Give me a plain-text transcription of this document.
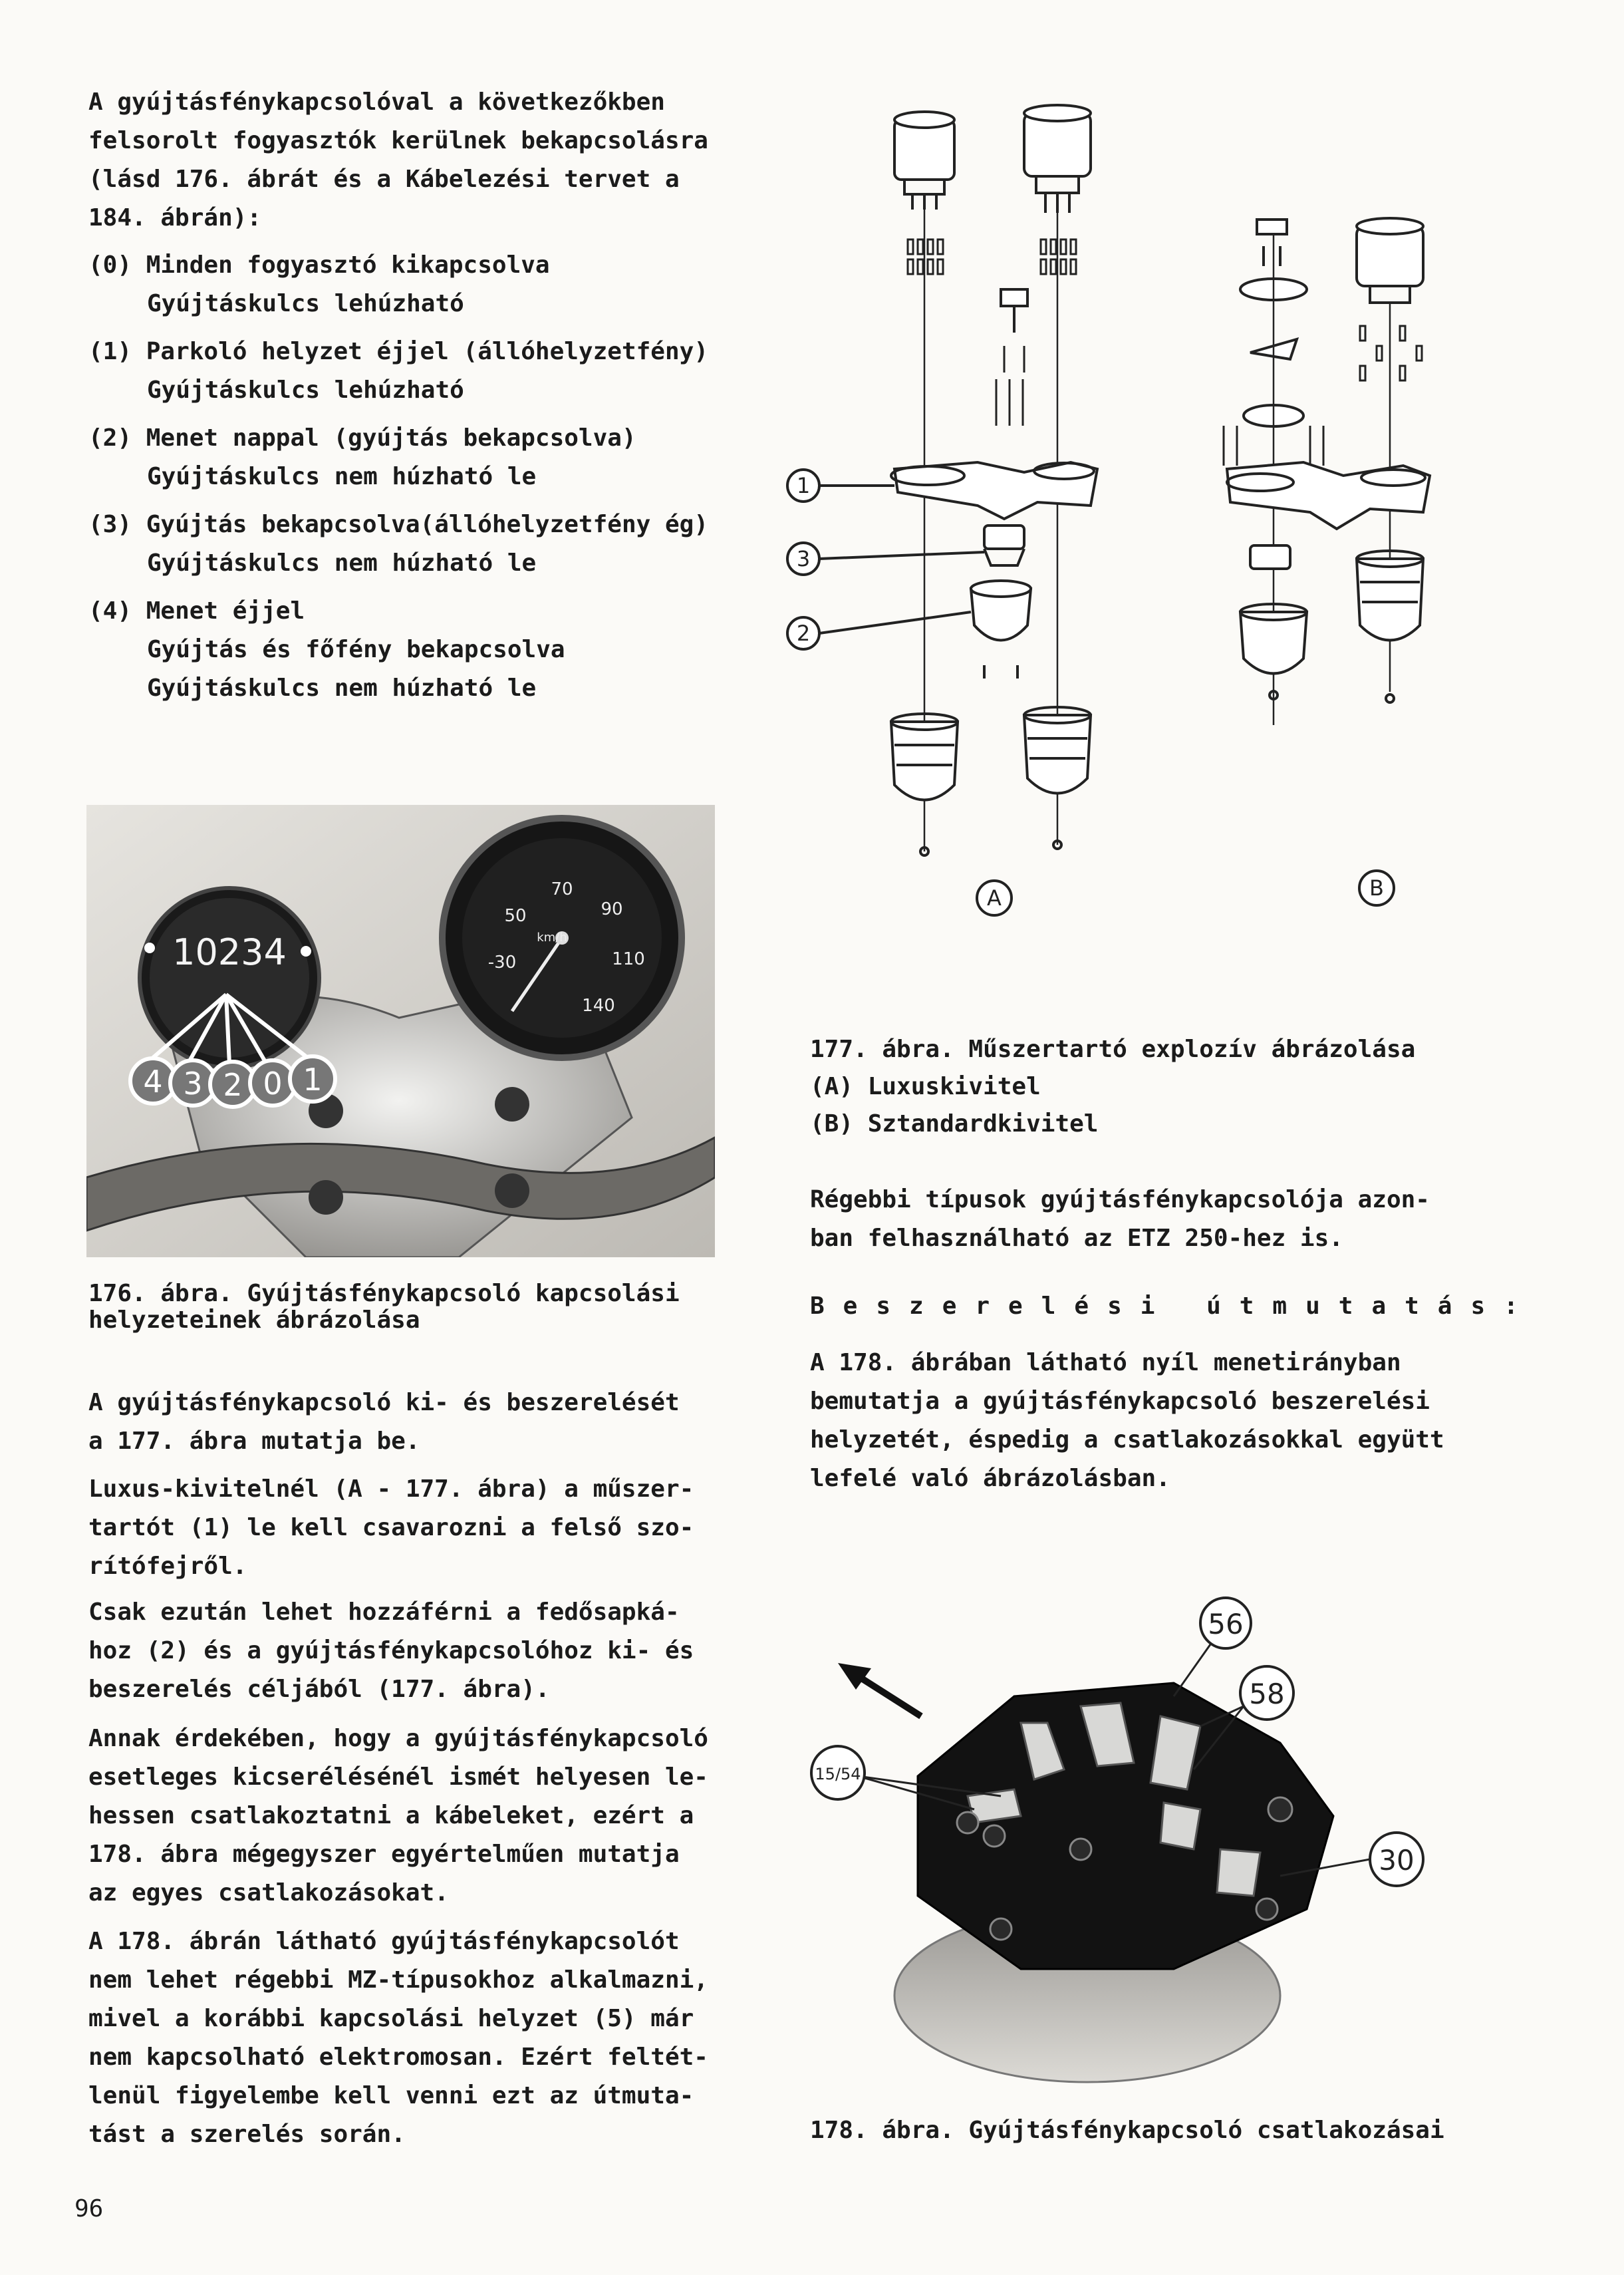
A gyújtásfénykapcsolóval a következőkben
felsorolt fogyasztók kerülnek bekapcsolásra
(lásd 176. ábrát és a Kábelezési tervet a
184. ábrán):
(0) Minden fogyasztó kikapcsolva
Gyújtáskulcs lehúzható
(1) Parkoló helyzet éjjel (állóhelyzetfény)
Gyújtáskulcs lehúzható
(2) Menet nappal (gyújtás bekapcsolva)
Gyújtáskulcs nem húzható le
(3) Gyújtás bekapcsolva(állóhelyzetfény ég)
Gyújtáskulcs nem húzható le
(4) Menet éjjel
Gyújtás és főfény bekapcsolva
Gyújtáskulcs nem húzható le
1
3
2
A	B
4 3 2 0 1
10234
50
70
90
110
140
-30
km/h
176. ábra. Gyújtásfénykapcsoló kapcsolási
helyzeteinek ábrázolása
177. ábra. Műszertartó explozív ábrázolása
(A) Luxuskivitel
(B) Sztandardkivitel
Régebbi típusok gyújtásfénykapcsolója azon-
ban felhasználható az ETZ 250-hez is.
Beszerelési útmutatás:
A 178. ábrában látható nyíl menetirányban
bemutatja a gyújtásfénykapcsoló beszerelési
helyzetét, éspedig a csatlakozásokkal együtt
lefelé való ábrázolásban.
A gyújtásfénykapcsoló ki- és beszerelését
a 177. ábra mutatja be.
Luxus-kivitelnél (A - 177. ábra) a műszer-
tartót (1) le kell csavarozni a felső szo-
rítófejről.
Csak ezután lehet hozzáférni a fedősapká-
hoz (2) és a gyújtásfénykapcsolóhoz ki- és
beszerelés céljából (177. ábra).
Annak érdekében, hogy a gyújtásfénykapcsoló
esetleges kicserélésénél ismét helyesen le-
hessen csatlakoztatni a kábeleket, ezért a
178. ábra mégegyszer egyértelműen mutatja
az egyes csatlakozásokat.
A 178. ábrán látható gyújtásfénykapcsolót
nem lehet régebbi MZ-típusokhoz alkalmazni,
mivel a korábbi kapcsolási helyzet (5) már
nem kapcsolható elektromosan. Ezért feltét-
lenül figyelembe kell venni ezt az útmuta-
tást a szerelés során.
56
58
15/54
30
178. ábra. Gyújtásfénykapcsoló csatlakozásai
96
